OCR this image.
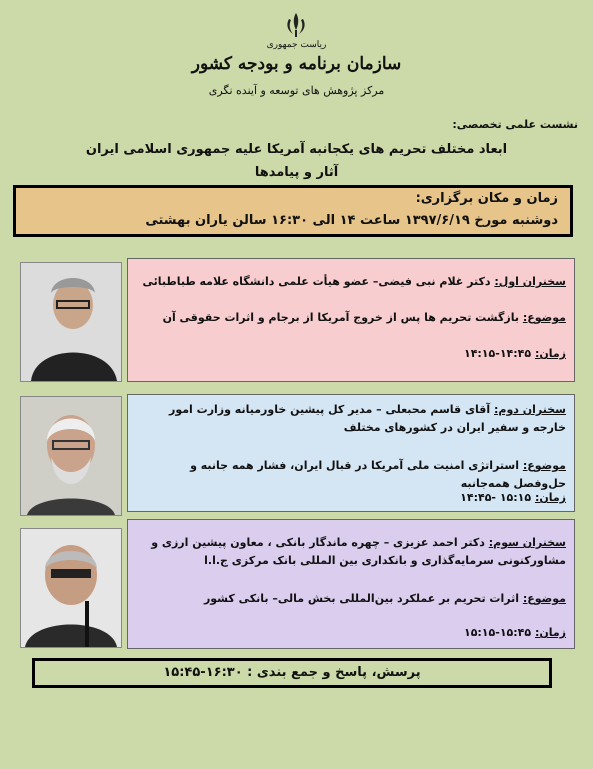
ریاست جمهوری
سازمان برنامه و بودجه کشور
مرکز پژوهش های توسعه و آینده نگری
نشست علمی تخصصی:
ابعاد مختلف تحریم های یکجانبه آمریکا علیه جمهوری اسلامی ایران
آثار و پیامدها
زمان و مکان برگزاری:
دوشنبه مورخ ۱۳۹۷/۶/۱۹ ساعت ۱۴ الی ۱۶:۳۰ سالن یاران بهشتی
سخنران اول: دکتر غلام نبی فیضی– عضو هیأت علمی دانشگاه علامه طباطبائی
موضوع: بازگشت تحریم ها پس از خروج آمریکا از برجام و اثرات حقوقی آن
زمان: ۱۴:۴۵-۱۴:۱۵
سخنران دوم: آقای قاسم محبعلی – مدیر کل پیشین خاورمیانه وزارت امور خارجه و سفیر ایران در کشورهای مختلف
موضوع: استراتژی امنیت ملی آمریکا در قبال ایران، فشار همه جانبه و حل‌وفصل همه‌جانبه
زمان: ۱۵:۱۵ -۱۴:۴۵
سخنران سوم: دکتر احمد عزیزی – چهره ماندگار بانکی ، معاون پیشین ارزی و مشاورکنونی سرمایه‌گذاری و بانکداری بین المللی بانک مرکزی ج.ا.ا
موضوع: اثرات تحریم بر عملکرد بین‌المللی بخش مالی– بانکی کشور
زمان: ۱۵:۴۵-۱۵:۱۵
پرسش، پاسخ و جمع بندی : ۱۶:۳۰-۱۵:۴۵
